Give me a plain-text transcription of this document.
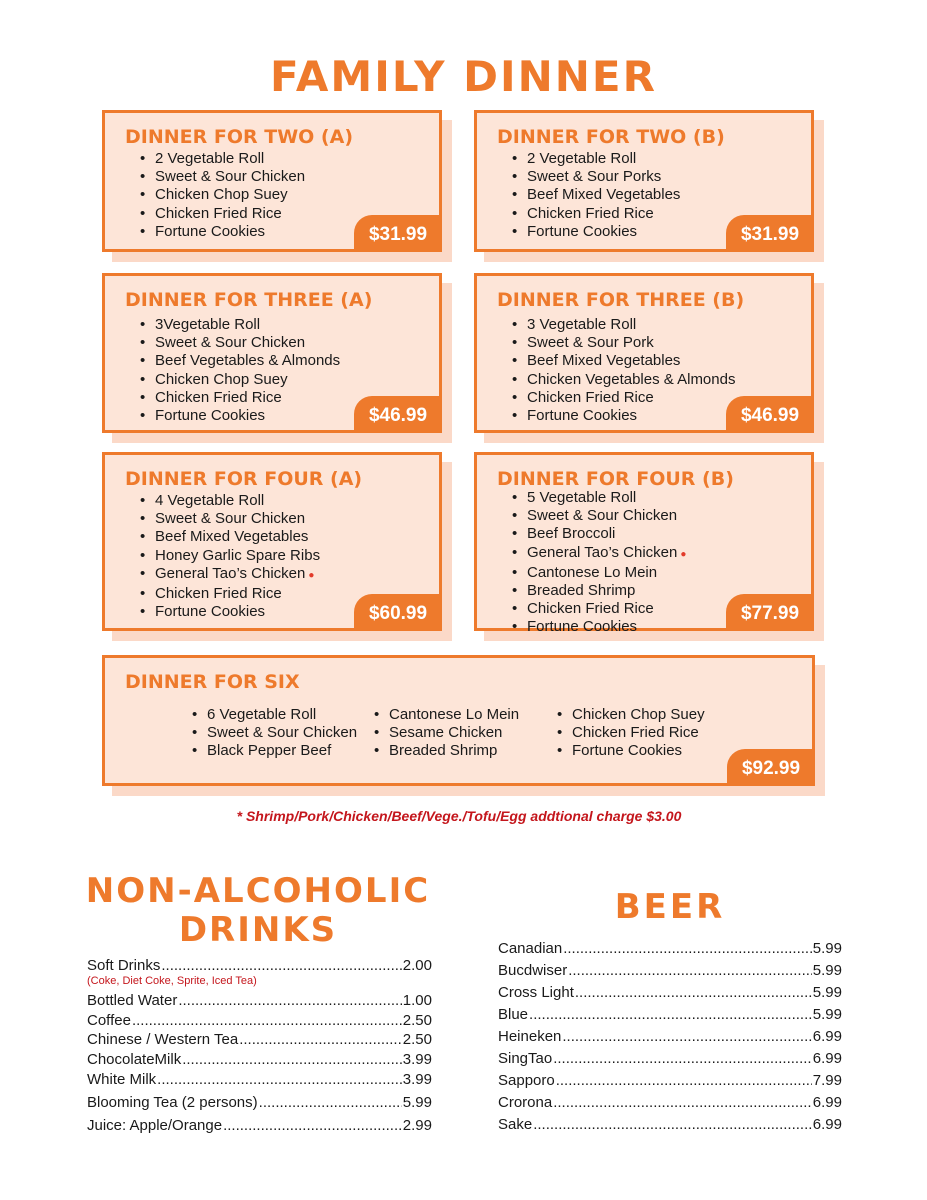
FAMILY DINNER
DINNER FOR TWO (A)
• 2 Vegetable Roll
• Sweet & Sour Chicken
• Chicken Chop Suey
• Chicken Fried Rice
• Fortune Cookies	$31.99
DINNER FOR TWO (B)
• 2 Vegetable Roll
• Sweet & Sour Porks
• Beef Mixed Vegetables
• Chicken Fried Rice
• Fortune Cookies	$31.99
DINNER FOR THREE (A)
• 3Vegetable Roll
• Sweet & Sour Chicken
• Beef Vegetables & Almonds
• Chicken Chop Suey
• Chicken Fried Rice
• Fortune Cookies	$46.99
DINNER FOR THREE (B)
• 3 Vegetable Roll
• Sweet & Sour Pork
• Beef Mixed Vegetables
• Chicken Vegetables & Almonds
• Chicken Fried Rice
• Fortune Cookies	$46.99
DINNER FOR FOUR (A)
• 4 Vegetable Roll
• Sweet & Sour Chicken
• Beef Mixed Vegetables
• Honey Garlic Spare Ribs
• General Tao’s Chicken ●
• Chicken Fried Rice
• Fortune Cookies	$60.99
DINNER FOR FOUR (B)
• 5 Vegetable Roll
• Sweet & Sour Chicken
• Beef Broccoli
• General Tao’s Chicken ●
• Cantonese Lo Mein
• Breaded Shrimp
• Chicken Fried Rice
• Fortune Cookies
$77.99
DINNER FOR SIX
• 6 Vegetable Roll
• Sweet & Sour Chicken
• Black Pepper Beef
• Cantonese Lo Mein
• Sesame Chicken
• Breaded Shrimp
• Chicken Chop Suey
• Chicken Fried Rice
• Fortune Cookies
$92.99
* Shrimp/Pork/Chicken/Beef/Vege./Tofu/Egg addtional charge $3.00
NON-ALCOHOLIC
DRINKS
Soft Drinks .....	2.00
(Coke, Diet Coke, Sprite, Iced Tea)
Bottled Water .....	1.00
Coffee .....	2.50
Chinese / Western Tea .....	2.50
ChocolateMilk .....	3.99
White Milk .....	3.99
Blooming Tea (2 persons) .....	5.99
Juice: Apple/Orange .....	2.99
BEER
Canadian .....	5.99
Bucdwiser .....	5.99
Cross Light .....	5.99
Blue .....	5.99
Heineken .....	6.99
SingTao .....	6.99
Sapporo .....	7.99
Crorona .....	6.99
Sake .....	6.99
